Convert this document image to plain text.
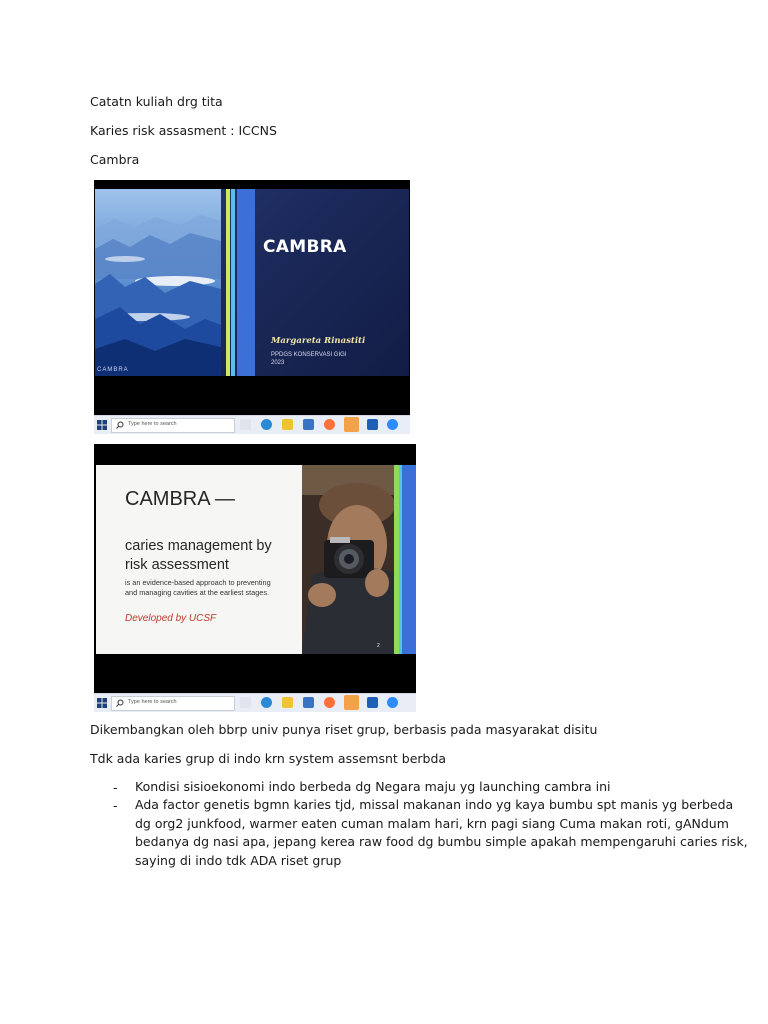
Catatn kuliah drg tita
Karies risk assasment : ICCNS
Cambra
CAMBRA
Margareta Rinastiti
PPDGS KONSERVASI GIGI
2023
CAMBRA
Type here to search
CAMBRA —
caries management by
risk assessment
is an evidence-based approach to preventing
and managing cavities at the earliest stages.
Developed by UCSF
2
Type here to search
Dikembangkan oleh bbrp univ punya riset grup, berbasis pada masyarakat disitu
Tdk ada karies grup di indo krn system assemsnt berbda
- Kondisi sisioekonomi indo berbeda dg Negara maju yg launching cambra ini
- Ada factor genetis bgmn karies tjd, missal makanan indo yg kaya bumbu spt manis yg berbeda
dg org2 junkfood, warmer eaten cuman malam hari, krn pagi siang Cuma makan roti, gANdum
bedanya dg nasi apa, jepang kerea raw food dg bumbu simple apakah mempengaruhi caries risk,
saying di indo tdk ADA riset grup
